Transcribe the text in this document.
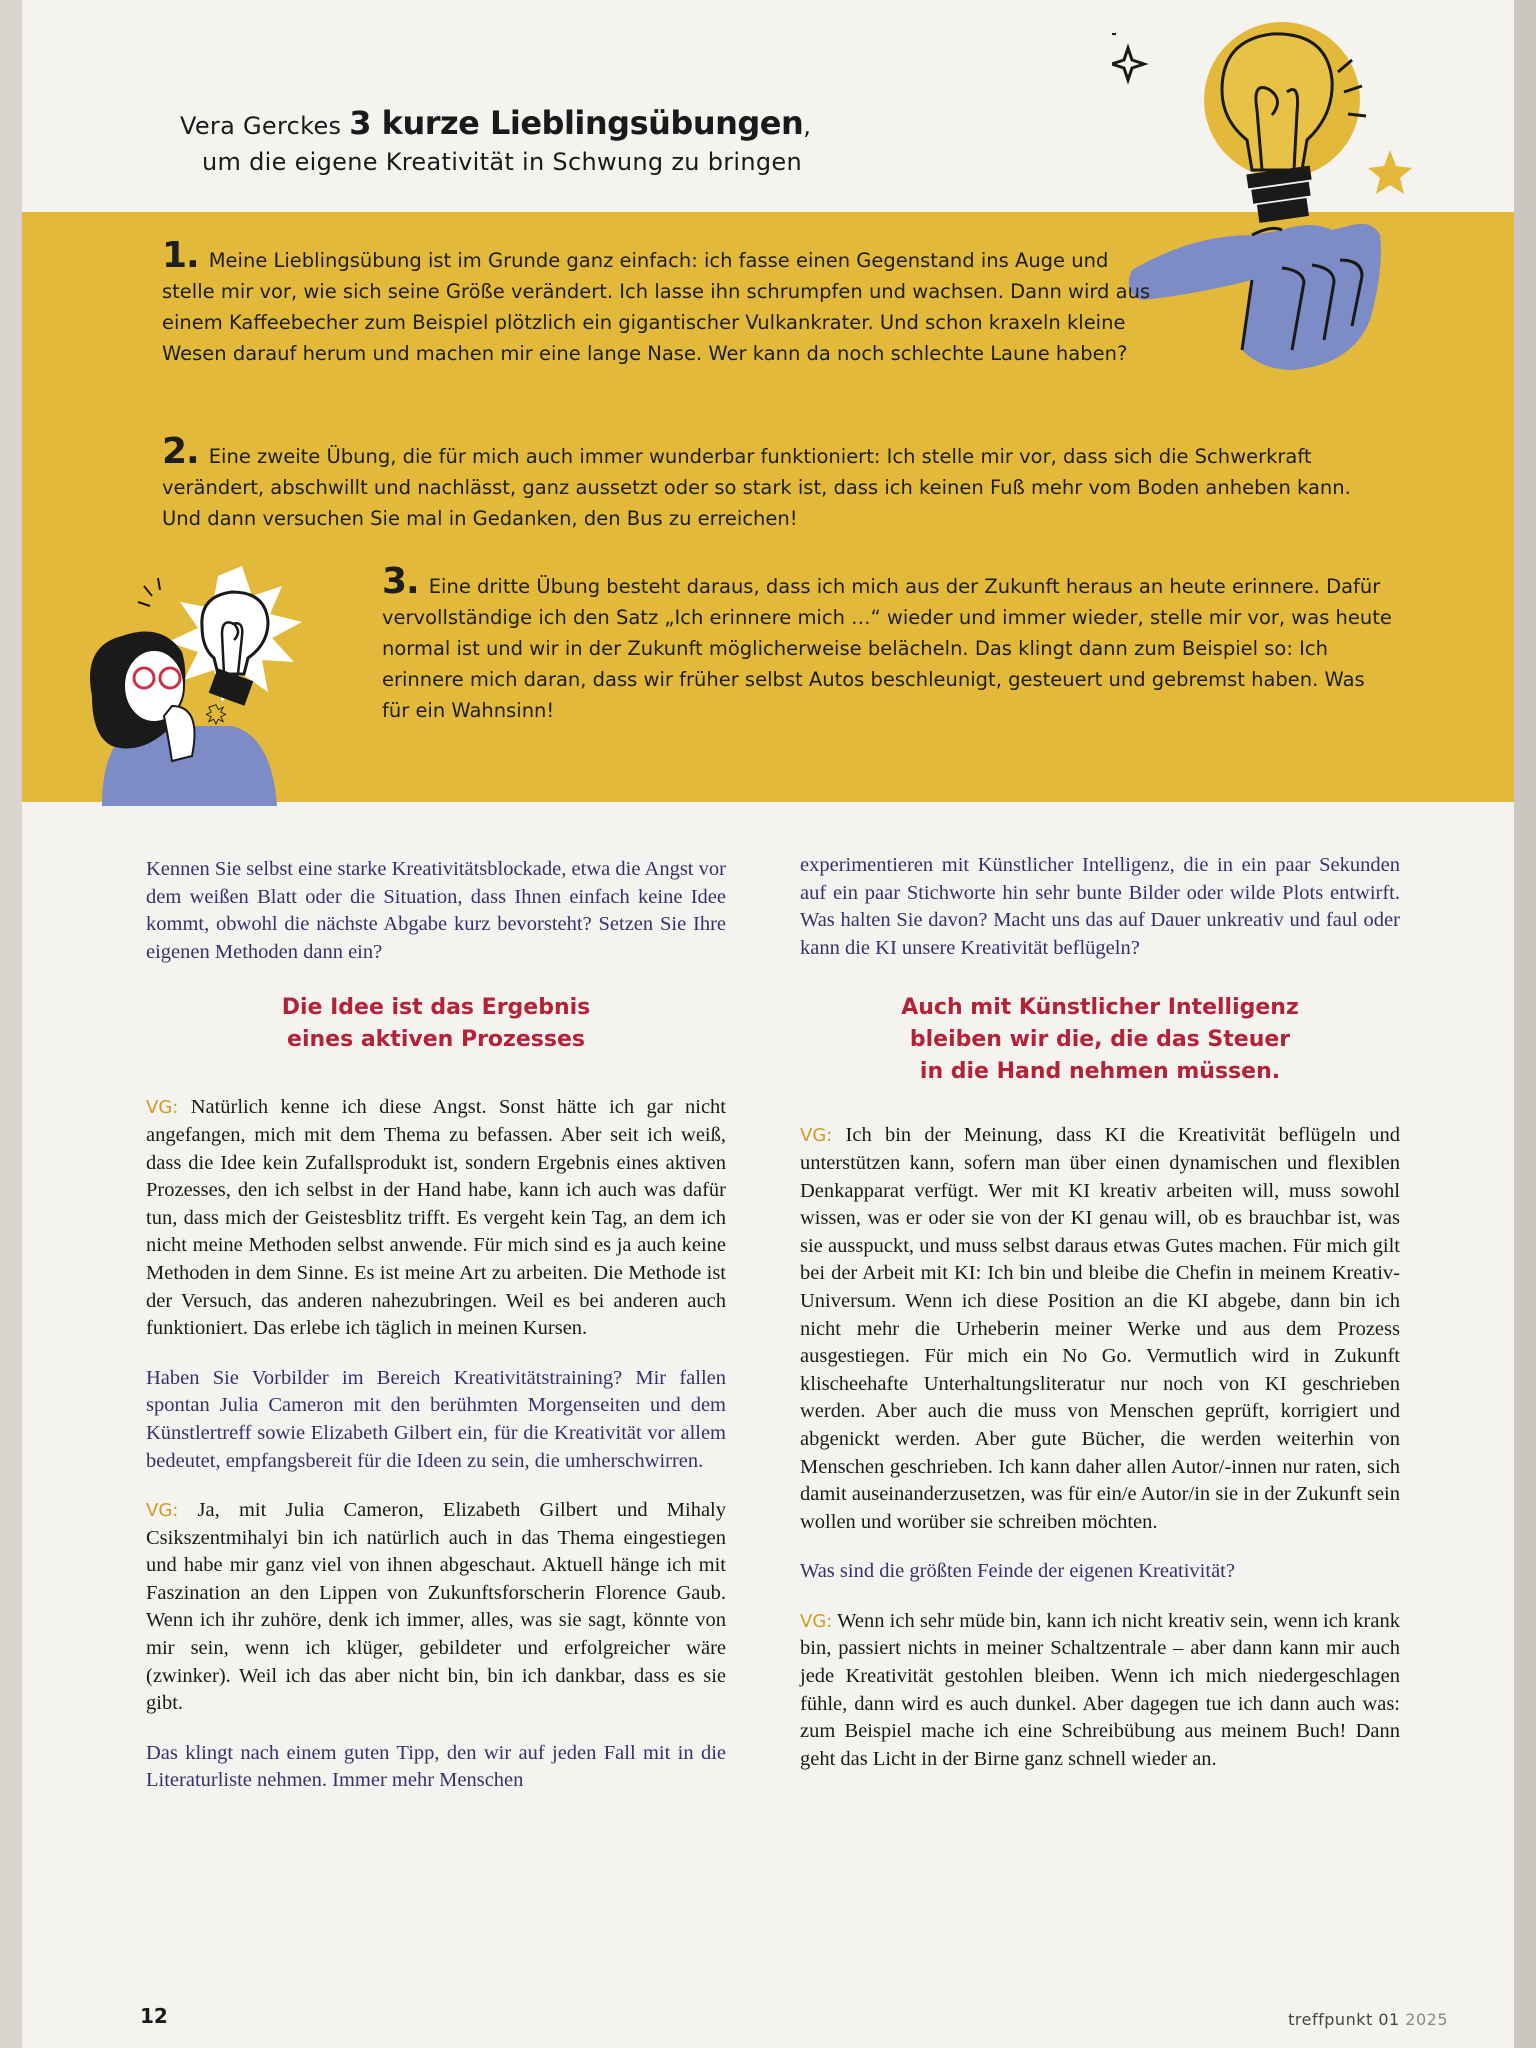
Vera Gerckes 3 kurze Lieblingsübungen,
um die eigene Kreativität in Schwung zu bringen
1. Meine Lieblingsübung ist im Grunde ganz einfach: ich fasse einen Gegenstand ins Auge und stelle mir vor, wie sich seine Größe verändert. Ich lasse ihn schrumpfen und wachsen. Dann wird aus einem Kaffeebecher zum Beispiel plötzlich ein gigantischer Vulkankrater. Und schon kraxeln kleine Wesen darauf herum und machen mir eine lange Nase. Wer kann da noch schlechte Laune haben?
2. Eine zweite Übung, die für mich auch immer wunderbar funktioniert: Ich stelle mir vor, dass sich die Schwerkraft verändert, abschwillt und nachlässt, ganz aussetzt oder so stark ist, dass ich keinen Fuß mehr vom Boden anheben kann. Und dann versuchen Sie mal in Gedanken, den Bus zu erreichen!
3. Eine dritte Übung besteht daraus, dass ich mich aus der Zukunft heraus an heute erinnere. Dafür vervollständige ich den Satz „Ich erinnere mich …“ wieder und immer wieder, stelle mir vor, was heute normal ist und wir in der Zukunft möglicherweise belächeln. Das klingt dann zum Beispiel so: Ich erinnere mich daran, dass wir früher selbst Autos beschleunigt, gesteuert und gebremst haben. Was für ein Wahnsinn!
Kennen Sie selbst eine starke Kreativitätsblockade, etwa die Angst vor dem weißen Blatt oder die Situation, dass Ihnen einfach keine Idee kommt, obwohl die nächste Abgabe kurz bevorsteht? Setzen Sie Ihre eigenen Methoden dann ein?
Die Idee ist das Ergebnis
eines aktiven Prozesses
VG: Natürlich kenne ich diese Angst. Sonst hätte ich gar nicht angefangen, mich mit dem Thema zu befassen. Aber seit ich weiß, dass die Idee kein Zufallsprodukt ist, sondern Ergebnis eines aktiven Prozesses, den ich selbst in der Hand habe, kann ich auch was dafür tun, dass mich der Geistesblitz trifft. Es vergeht kein Tag, an dem ich nicht meine Methoden selbst anwende. Für mich sind es ja auch keine Methoden in dem Sinne. Es ist meine Art zu arbeiten. Die Methode ist der Versuch, das anderen nahezubringen. Weil es bei anderen auch funktioniert. Das erlebe ich täglich in meinen Kursen.
Haben Sie Vorbilder im Bereich Kreativitätstraining? Mir fallen spontan Julia Cameron mit den berühmten Morgenseiten und dem Künstlertreff sowie Elizabeth Gilbert ein, für die Kreativität vor allem bedeutet, empfangsbereit für die Ideen zu sein, die umherschwirren.
VG: Ja, mit Julia Cameron, Elizabeth Gilbert und Mihaly Csikszentmihalyi bin ich natürlich auch in das Thema eingestiegen und habe mir ganz viel von ihnen abgeschaut. Aktuell hänge ich mit Faszination an den Lippen von Zukunftsforscherin Florence Gaub. Wenn ich ihr zuhöre, denk ich immer, alles, was sie sagt, könnte von mir sein, wenn ich klüger, gebildeter und erfolgreicher wäre (zwinker). Weil ich das aber nicht bin, bin ich dankbar, dass es sie gibt.
Das klingt nach einem guten Tipp, den wir auf jeden Fall mit in die Literaturliste nehmen. Immer mehr Menschen
experimentieren mit Künstlicher Intelligenz, die in ein paar Sekunden auf ein paar Stichworte hin sehr bunte Bilder oder wilde Plots entwirft. Was halten Sie davon? Macht uns das auf Dauer unkreativ und faul oder kann die KI unsere Kreativität beflügeln?
Auch mit Künstlicher Intelligenz
bleiben wir die, die das Steuer
in die Hand nehmen müssen.
VG: Ich bin der Meinung, dass KI die Kreativität beflügeln und unterstützen kann, sofern man über einen dynamischen und flexiblen Denkapparat verfügt. Wer mit KI kreativ arbeiten will, muss sowohl wissen, was er oder sie von der KI genau will, ob es brauchbar ist, was sie ausspuckt, und muss selbst daraus etwas Gutes machen. Für mich gilt bei der Arbeit mit KI: Ich bin und bleibe die Chefin in meinem Kreativ-Universum. Wenn ich diese Position an die KI abgebe, dann bin ich nicht mehr die Urheberin meiner Werke und aus dem Prozess ausgestiegen. Für mich ein No Go. Vermutlich wird in Zukunft klischeehafte Unterhaltungsliteratur nur noch von KI geschrieben werden. Aber auch die muss von Menschen geprüft, korrigiert und abgenickt werden. Aber gute Bücher, die werden weiterhin von Menschen geschrieben. Ich kann daher allen Autor/-innen nur raten, sich damit auseinanderzusetzen, was für ein/e Autor/in sie in der Zukunft sein wollen und worüber sie schreiben möchten.
Was sind die größten Feinde der eigenen Kreativität?
VG: Wenn ich sehr müde bin, kann ich nicht kreativ sein, wenn ich krank bin, passiert nichts in meiner Schaltzentrale – aber dann kann mir auch jede Kreativität gestohlen bleiben. Wenn ich mich niedergeschlagen fühle, dann wird es auch dunkel. Aber dagegen tue ich dann auch was: zum Beispiel mache ich eine Schreibübung aus meinem Buch! Dann geht das Licht in der Birne ganz schnell wieder an.
12	treffpunkt 01 2025
